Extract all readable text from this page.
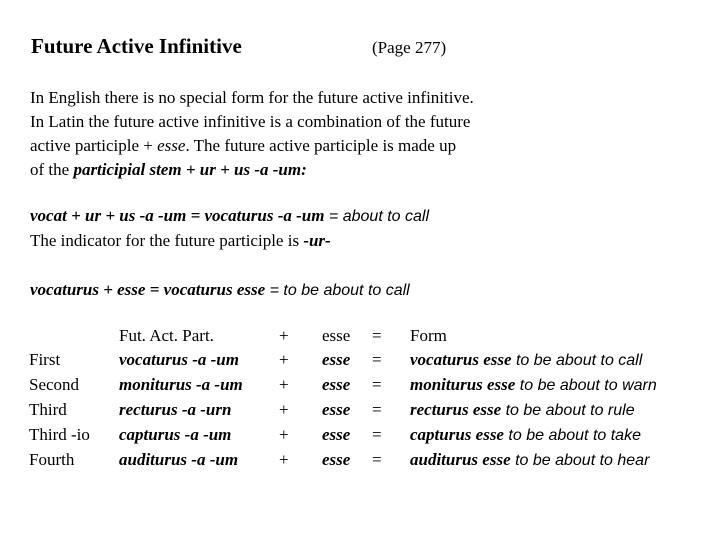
Future Active Infinitive	(Page 277)

In English there is no special form for the future active infinitive.
In Latin the future active infinitive is a combination of the future
active participle + esse. The future active participle is made up
of the participial stem + ur + us -a -um:

vocat + ur + us -a -um = vocaturus -a -um = about to call
The indicator for the future participle is -ur-

vocaturus + esse = vocaturus esse = to be about to call

	Fut. Act. Part.	+	esse	=	Form
First	vocaturus -a -um	+	esse	=	vocaturus esse to be about to call
Second	moniturus -a -um	+	esse	=	moniturus esse to be about to warn
Third	recturus -a -urn	+	esse	=	recturus esse to be about to rule
Third -io	capturus -a -um	+	esse	=	capturus esse to be about to take
Fourth	auditurus -a -um	+	esse	=	auditurus esse to be about to hear
